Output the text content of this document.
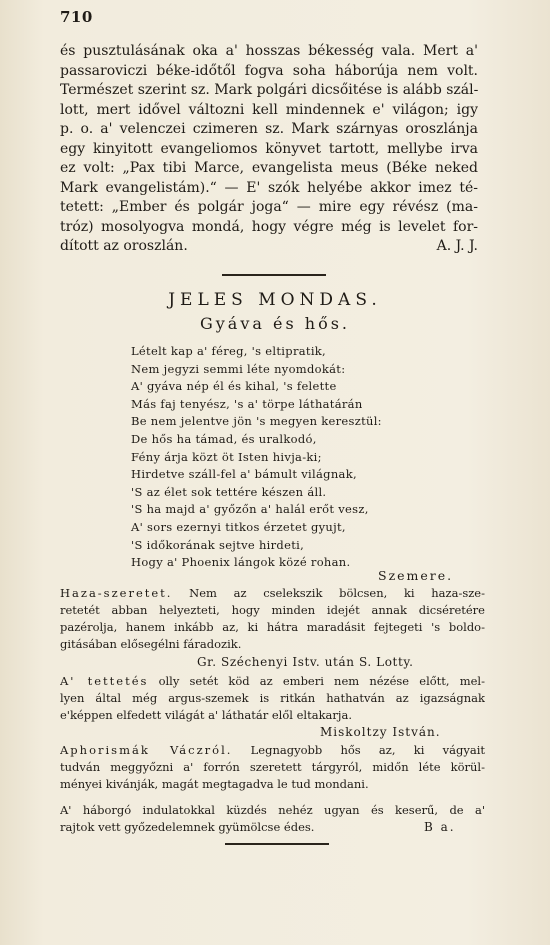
710
és pusztulásának oka a' hosszas békesség vala. Mert a'
passaroviczi béke-időtől fogva soha háborúja nem volt.
Természet szerint sz. Mark polgári dicsőitése is alább szál-
lott, mert idővel változni kell mindennek e' világon; igy
p. o. a' velenczei czimeren sz. Mark szárnyas oroszlánja
egy kinyitott evangeliomos könyvet tartott, mellybe irva
ez volt: „Pax tibi Marce, evangelista meus (Béke neked
Mark evangelistám).“ — E' szók helyébe akkor imez té-
tetett: „Ember és polgár joga“ — mire egy révész (ma-
tróz) mosolyogva mondá, hogy végre még is levelet for-
dított az oroszlán.	A. J. J.
JELES MONDAS.
Gyáva és hős.
Lételt kap a' féreg, 's eltipratik,
Nem jegyzi semmi léte nyomdokát:
A' gyáva nép él és kihal, 's felette
Más faj tenyész, 's a' törpe láthatárán
Be nem jelentve jön 's megyen keresztül:
De hős ha támad, és uralkodó,
Fény árja közt öt Isten hivja-ki;
Hirdetve száll-fel a' bámult világnak,
'S az élet sok tettére készen áll.
'S ha majd a' győzőn a' halál erőt vesz,
A' sors ezernyi titkos érzetet gyujt,
'S időkorának sejtve hirdeti,
Hogy a' Phoenix lángok közé rohan.
Szemere.
Haza-szeretet. Nem az cselekszik bölcsen, ki haza-sze-
retetét abban helyezteti, hogy minden idejét annak dicséretére
pazérolja, hanem inkább az, ki hátra maradásit fejtegeti 's boldo-
gitásában elősegélni fáradozik.
Gr. Széchenyi Istv. után S. Lotty.
A' tettetés olly setét köd az emberi nem nézése előtt, mel-
lyen által még argus-szemek is ritkán hathatván az igazságnak
e'képpen elfedett világát a' láthatár elől eltakarja.
Miskoltzy István.
Aphorismák Váczról. Legnagyobb hős az, ki vágyait
tudván meggyőzni a' forrón szeretett tárgyról, midőn léte körül-
ményei kivánják, magát megtagadva le tud mondani.
A' háborgó indulatokkal küzdés nehéz ugyan és keserű, de a'
rajtok vett győzedelemnek gyümölcse édes.	B a.
